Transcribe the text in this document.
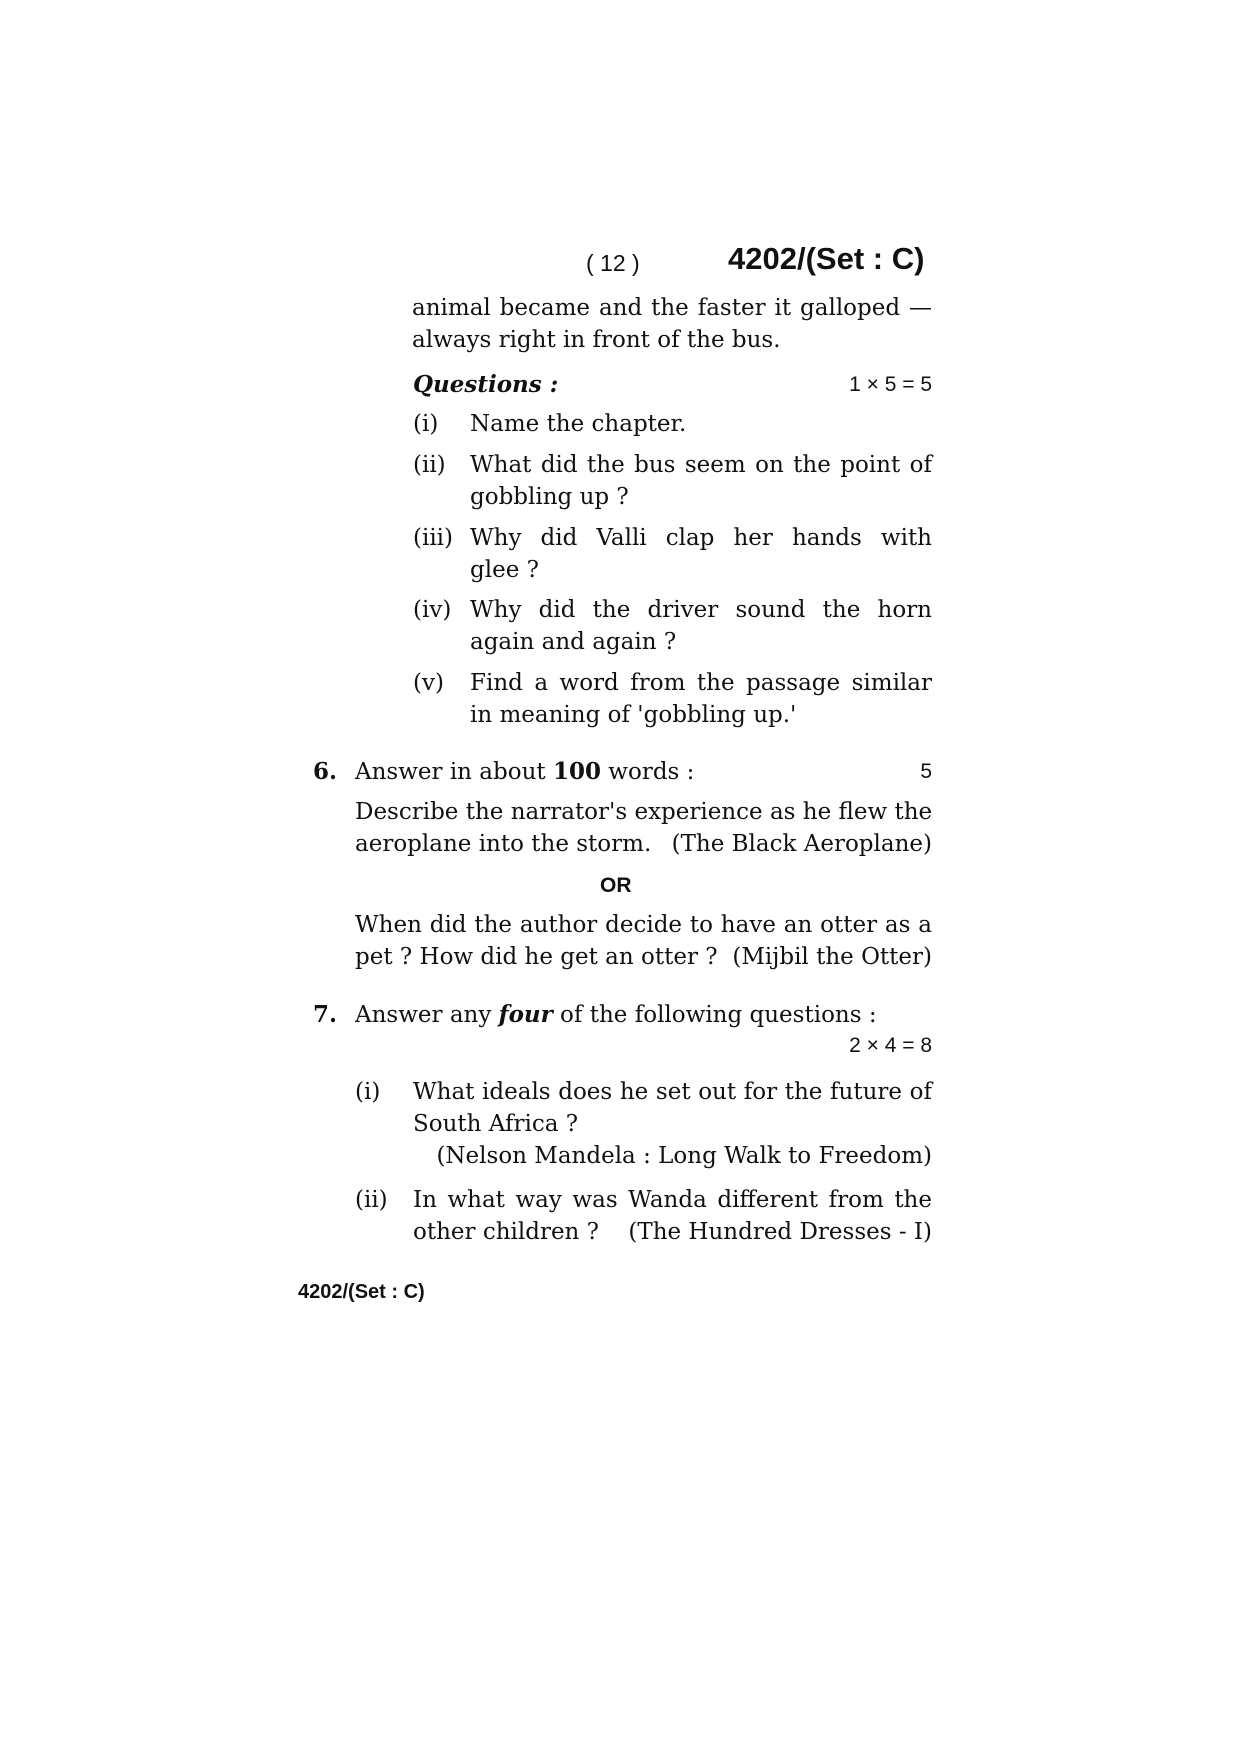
( 12 )	4202/(Set : C)
animal became and the faster it galloped —
always right in front of the bus.
Questions :	1 × 5 = 5
(i) Name the chapter.
(ii) What did the bus seem on the point of
gobbling up ?
(iii) Why did Valli clap her hands with
glee ?
(iv) Why did the driver sound the horn
again and again ?
(v) Find a word from the passage similar
in meaning of 'gobbling up.'
6. Answer in about 100 words :	5
Describe the narrator's experience as he flew the
aeroplane into the storm. (The Black Aeroplane)
OR
When did the author decide to have an otter as a
pet ? How did he get an otter ? (Mijbil the Otter)
7. Answer any four of the following questions :
2 × 4 = 8
(i) What ideals does he set out for the future of
South Africa ?
(Nelson Mandela : Long Walk to Freedom)
(ii) In what way was Wanda different from the
other children ? (The Hundred Dresses - I)
4202/(Set : C)
